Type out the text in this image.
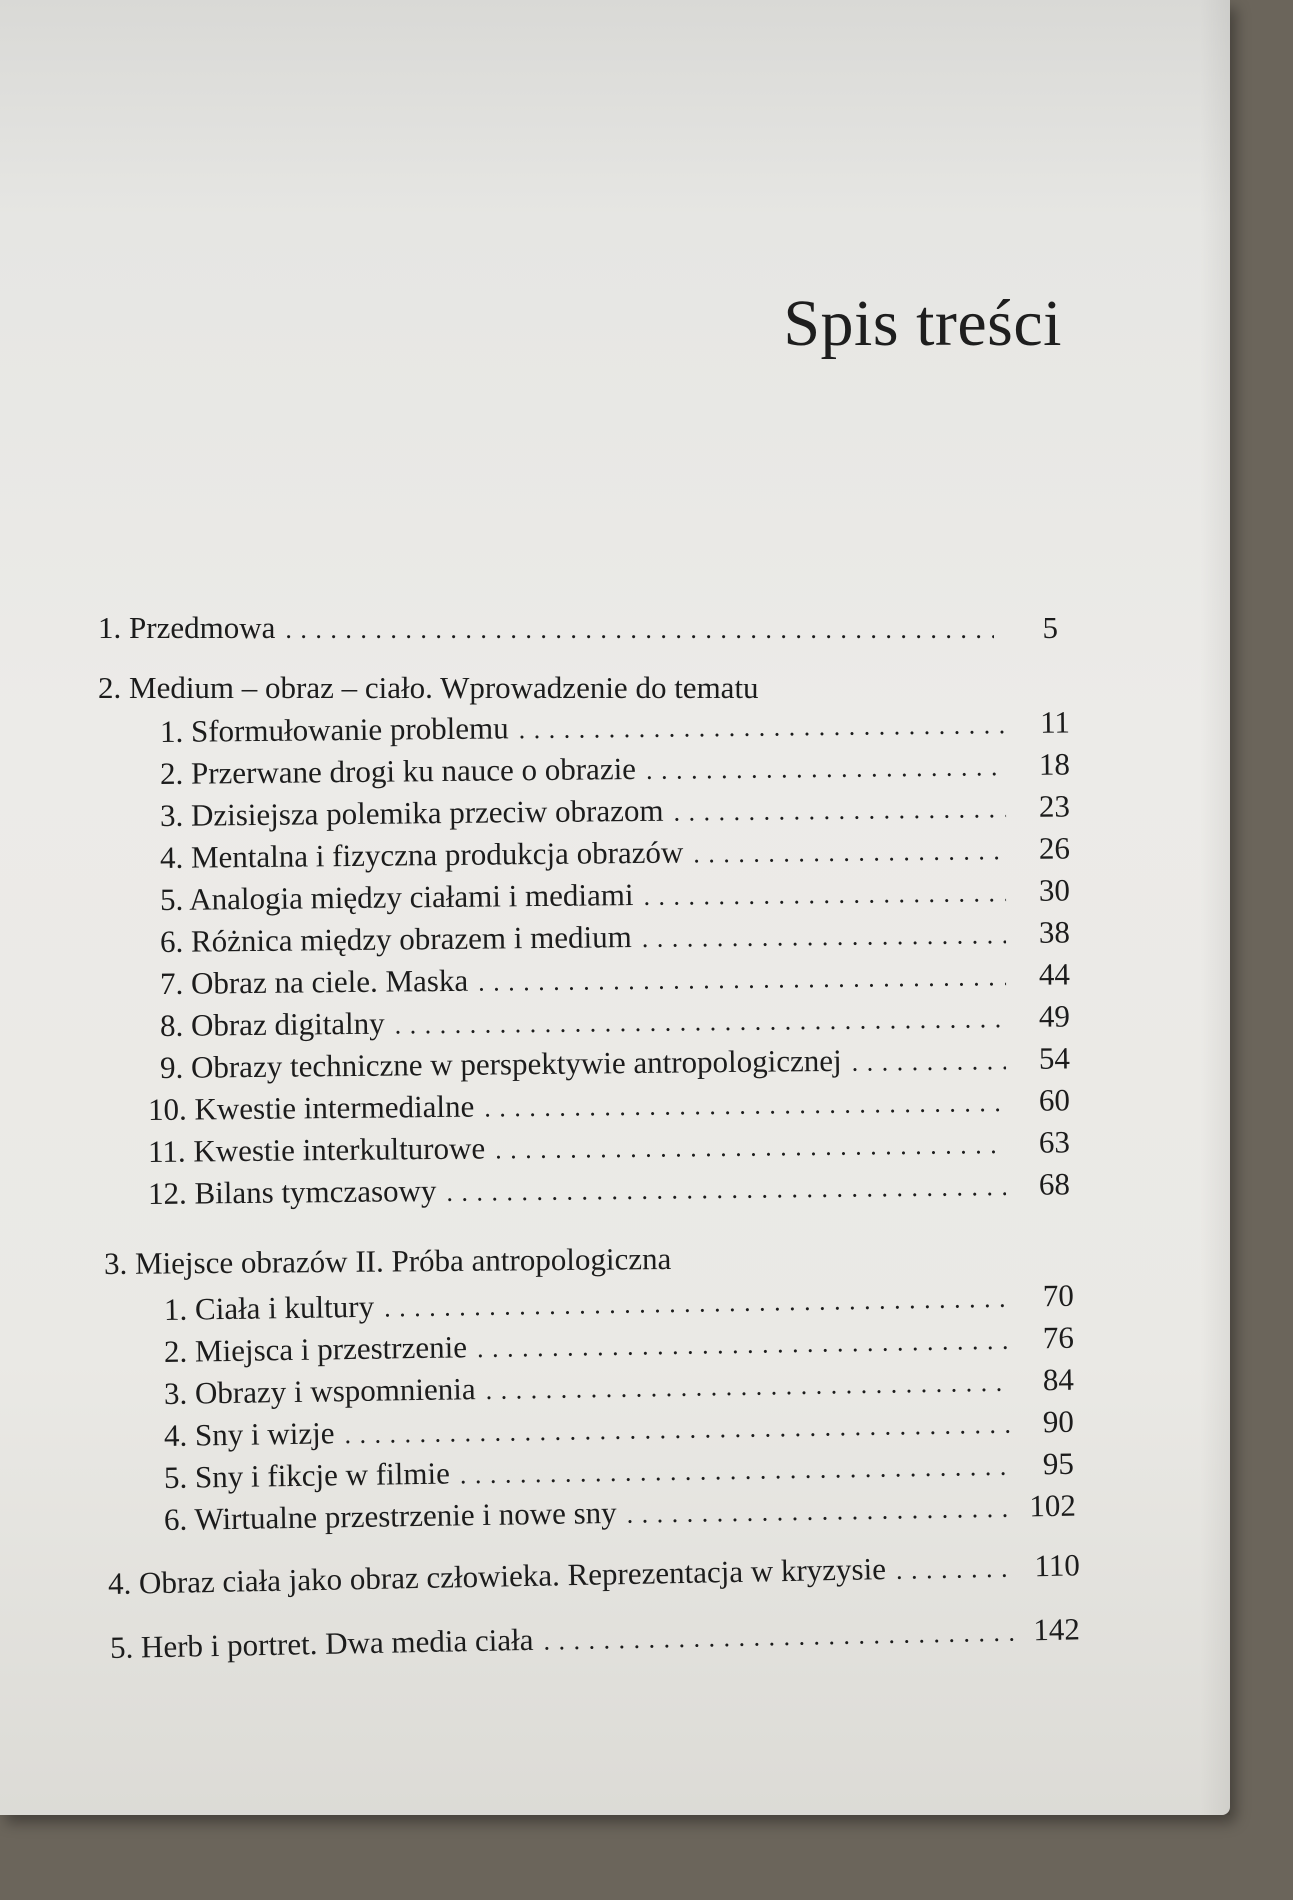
Spis treści
1. Przedmowa . . .	5
2. Medium – obraz – ciało. Wprowadzenie do tematu
1. Sformułowanie problemu . . .	11
2. Przerwane drogi ku nauce o obrazie . . .	18
3. Dzisiejsza polemika przeciw obrazom . . .	23
4. Mentalna i fizyczna produkcja obrazów . . .	26
5. Analogia między ciałami i mediami . . .	30
6. Różnica między obrazem i medium . . .	38
7. Obraz na ciele. Maska . . .	44
8. Obraz digitalny . . .	49
9. Obrazy techniczne w perspektywie antropologicznej . . .	54
10. Kwestie intermedialne . . .	60
11. Kwestie interkulturowe . . .	63
12. Bilans tymczasowy . . .	68
3. Miejsce obrazów II. Próba antropologiczna
1. Ciała i kultury . . .	70
2. Miejsca i przestrzenie . . .	76
3. Obrazy i wspomnienia . . .	84
4. Sny i wizje . . .	90
5. Sny i fikcje w filmie . . .	95
6. Wirtualne przestrzenie i nowe sny . . .	102
4. Obraz ciała jako obraz człowieka. Reprezentacja w kryzysie . . .	110
5. Herb i portret. Dwa media ciała . . .	142
